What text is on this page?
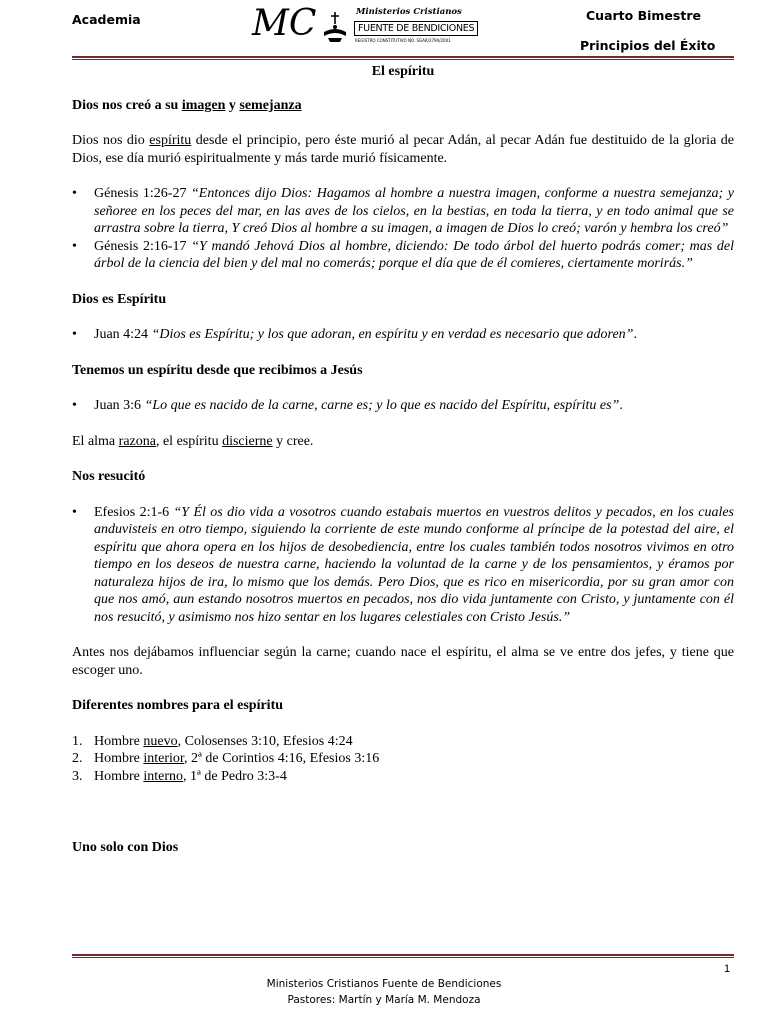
Academia	MC	Ministerios Cristianos
FUENTE DE BENDICIONES
REGISTRO CONSTITUTIVO NO. SGAR/2790/2001
Cuarto Bimestre
Principios del Éxito
El espíritu

Dios nos creó a su imagen y semejanza

Dios nos dio espíritu desde el principio, pero éste murió al pecar Adán, al pecar Adán fue destituido de la gloria de Dios, ese día murió espiritualmente y más tarde murió físicamente.

• Génesis 1:26-27 “Entonces dijo Dios: Hagamos al hombre a nuestra imagen, conforme a nuestra semejanza; y señoree en los peces del mar, en las aves de los cielos, en la bestias, en toda la tierra, y en todo animal que se arrastra sobre la tierra, Y creó Dios al hombre a su imagen, a imagen de Dios lo creó; varón y hembra los creó”
• Génesis 2:16-17 “Y mandó Jehová Dios al hombre, diciendo: De todo árbol del huerto podrás comer; mas del árbol de la ciencia del bien y del mal no comerás; porque el día que de él comieres, ciertamente morirás.”

Dios es Espíritu

• Juan 4:24 “Dios es Espíritu; y los que adoran, en espíritu y en verdad es necesario que adoren”.

Tenemos un espíritu desde que recibimos a Jesús

• Juan 3:6 “Lo que es nacido de la carne, carne es; y lo que es nacido del Espíritu, espíritu es”.

El alma razona, el espíritu discierne y cree.

Nos resucitó

• Efesios 2:1-6 “Y Él os dio vida a vosotros cuando estabais muertos en vuestros delitos y pecados, en los cuales anduvisteis en otro tiempo, siguiendo la corriente de este mundo conforme al príncipe de la potestad del aire, el espíritu que ahora opera en los hijos de desobediencia, entre los cuales también todos nosotros vivimos en otro tiempo en los deseos de nuestra carne, haciendo la voluntad de la carne y de los pensamientos, y éramos por naturaleza hijos de ira, lo mismo que los demás. Pero Dios, que es rico en misericordia, por su gran amor con que nos amó, aun estando nosotros muertos en pecados, nos dio vida juntamente con Cristo, y juntamente con él nos resucitó, y asimismo nos hizo sentar en los lugares celestiales con Cristo Jesús.”

Antes nos dejábamos influenciar según la carne; cuando nace el espíritu, el alma se ve entre dos jefes, y tiene que escoger uno.

Diferentes nombres para el espíritu

1. Hombre nuevo, Colosenses 3:10, Efesios 4:24
2. Hombre interior, 2ª de Corintios 4:16, Efesios 3:16
3. Hombre interno, 1ª de Pedro 3:3-4

Uno solo con Dios

1
Ministerios Cristianos Fuente de Bendiciones
Pastores: Martín y María M. Mendoza
